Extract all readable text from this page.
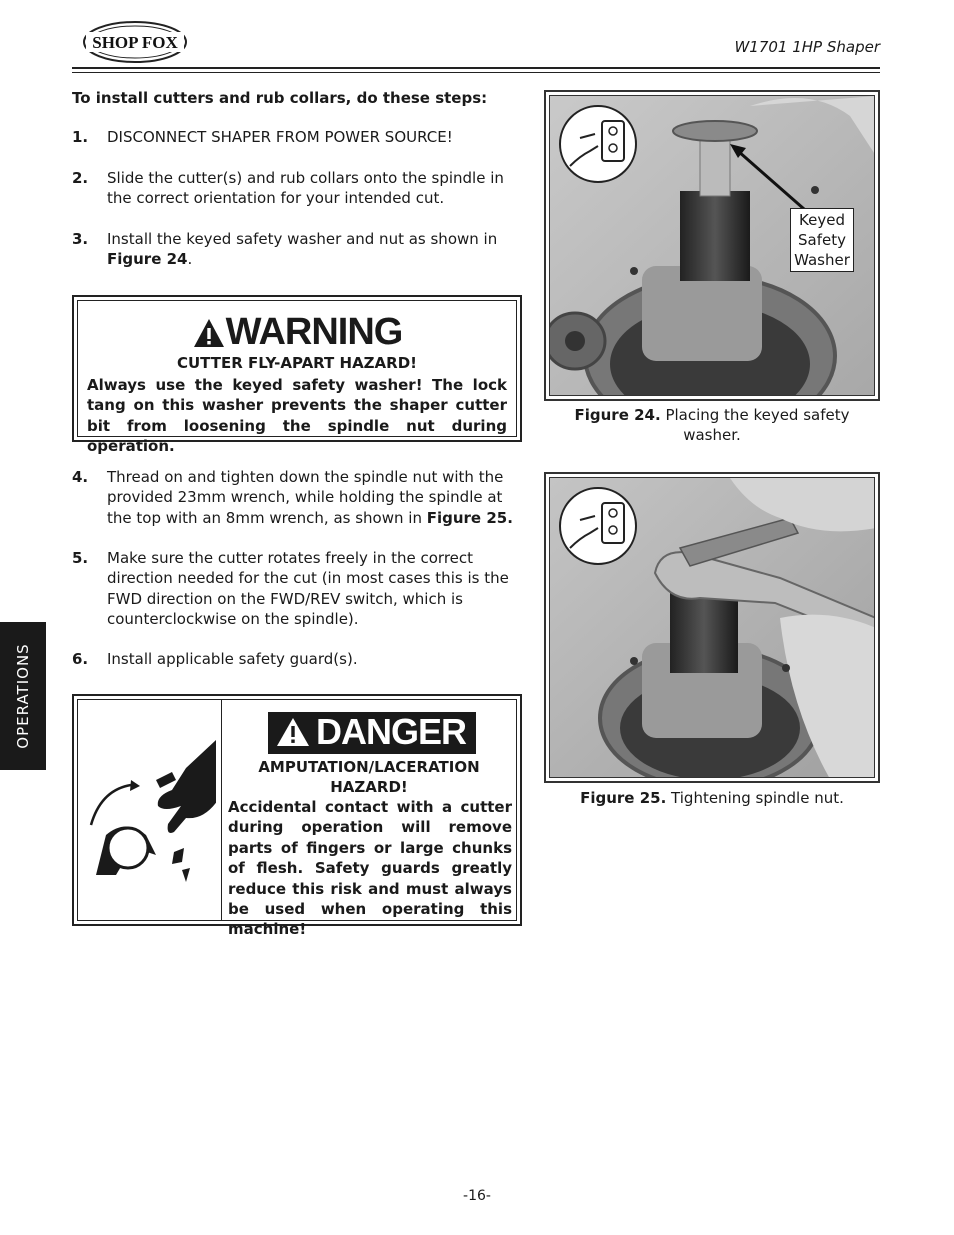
SHOP FOX	W1701 1HP Shaper
OPERATIONS
To install cutters and rub collars, do these steps:
1. DISCONNECT SHAPER FROM POWER SOURCE!
2. Slide the cutter(s) and rub collars onto the spindle in the correct orientation for your intended cut.
3. Install the keyed safety washer and nut as shown in Figure 24.
WARNING
CUTTER FLY-APART HAZARD!
Always use the keyed safety washer! The lock tang on this washer prevents the shaper cutter bit from loosening the spindle nut during operation.
4. Thread on and tighten down the spindle nut with the provided 23mm wrench, while holding the spindle at the top with an 8mm wrench, as shown in Figure 25.
5. Make sure the cutter rotates freely in the correct direction needed for the cut (in most cases this is the FWD direction on the FWD/REV switch, which is counterclockwise on the spindle).
6. Install applicable safety guard(s).
DANGER
AMPUTATION/LACERATION HAZARD!
Accidental contact with a cutter during operation will remove parts of fingers or large chunks of flesh. Safety guards greatly reduce this risk and must always be used when operating this machine!
Keyed Safety Washer
Figure 24. Placing the keyed safety washer.
Figure 25. Tightening spindle nut.
-16-
